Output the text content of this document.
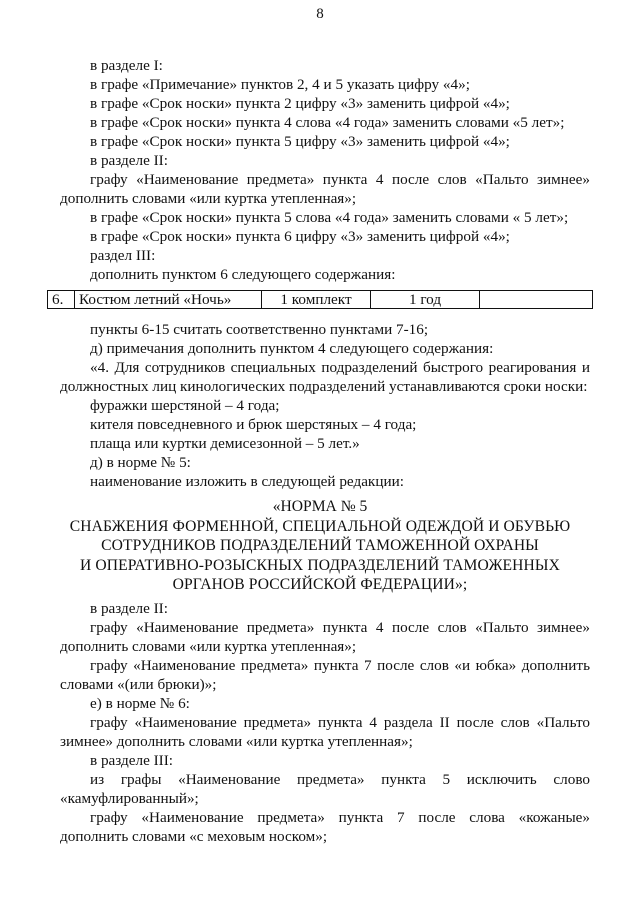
8
в разделе I:
в графе «Примечание» пунктов 2, 4 и 5 указать цифру «4»;
в графе «Срок носки» пункта 2 цифру «3» заменить цифрой «4»;
в графе «Срок носки» пункта 4 слова «4 года» заменить словами «5 лет»;
в графе «Срок носки» пункта 5 цифру «3» заменить цифрой «4»;
в разделе II:
графу «Наименование предмета» пункта 4 после слов «Пальто зимнее»
дополнить словами «или куртка утепленная»;
в графе «Срок носки» пункта 5 слова «4 года» заменить словами « 5 лет»;
в графе «Срок носки» пункта 6 цифру «3» заменить цифрой «4»;
раздел III:
дополнить пунктом 6 следующего содержания:
6.	Костюм летний «Ночь»	1 комплект	1 год	
пункты 6-15 считать соответственно пунктами 7-16;
д) примечания дополнить пунктом 4 следующего содержания:
«4. Для сотрудников специальных подразделений быстрого реагирования и
должностных лиц кинологических подразделений устанавливаются сроки носки:
фуражки шерстяной – 4 года;
кителя повседневного и брюк шерстяных – 4 года;
плаща или куртки демисезонной – 5 лет.»
д) в норме № 5:
наименование изложить в следующей редакции:
«НОРМА № 5
СНАБЖЕНИЯ ФОРМЕННОЙ, СПЕЦИАЛЬНОЙ ОДЕЖДОЙ И ОБУВЬЮ
СОТРУДНИКОВ ПОДРАЗДЕЛЕНИЙ ТАМОЖЕННОЙ ОХРАНЫ
И ОПЕРАТИВНО-РОЗЫСКНЫХ ПОДРАЗДЕЛЕНИЙ ТАМОЖЕННЫХ
ОРГАНОВ РОССИЙСКОЙ ФЕДЕРАЦИИ»;
в разделе II:
графу «Наименование предмета» пункта 4 после слов «Пальто зимнее»
дополнить словами «или куртка утепленная»;
графу «Наименование предмета» пункта 7 после слов «и юбка» дополнить
словами «(или брюки)»;
е) в норме № 6:
графу «Наименование предмета» пункта 4 раздела II после слов «Пальто
зимнее» дополнить словами «или куртка утепленная»;
в разделе III:
из графы «Наименование предмета» пункта 5 исключить слово
«камуфлированный»;
графу «Наименование предмета» пункта 7 после слова «кожаные»
дополнить словами «с меховым носком»;
